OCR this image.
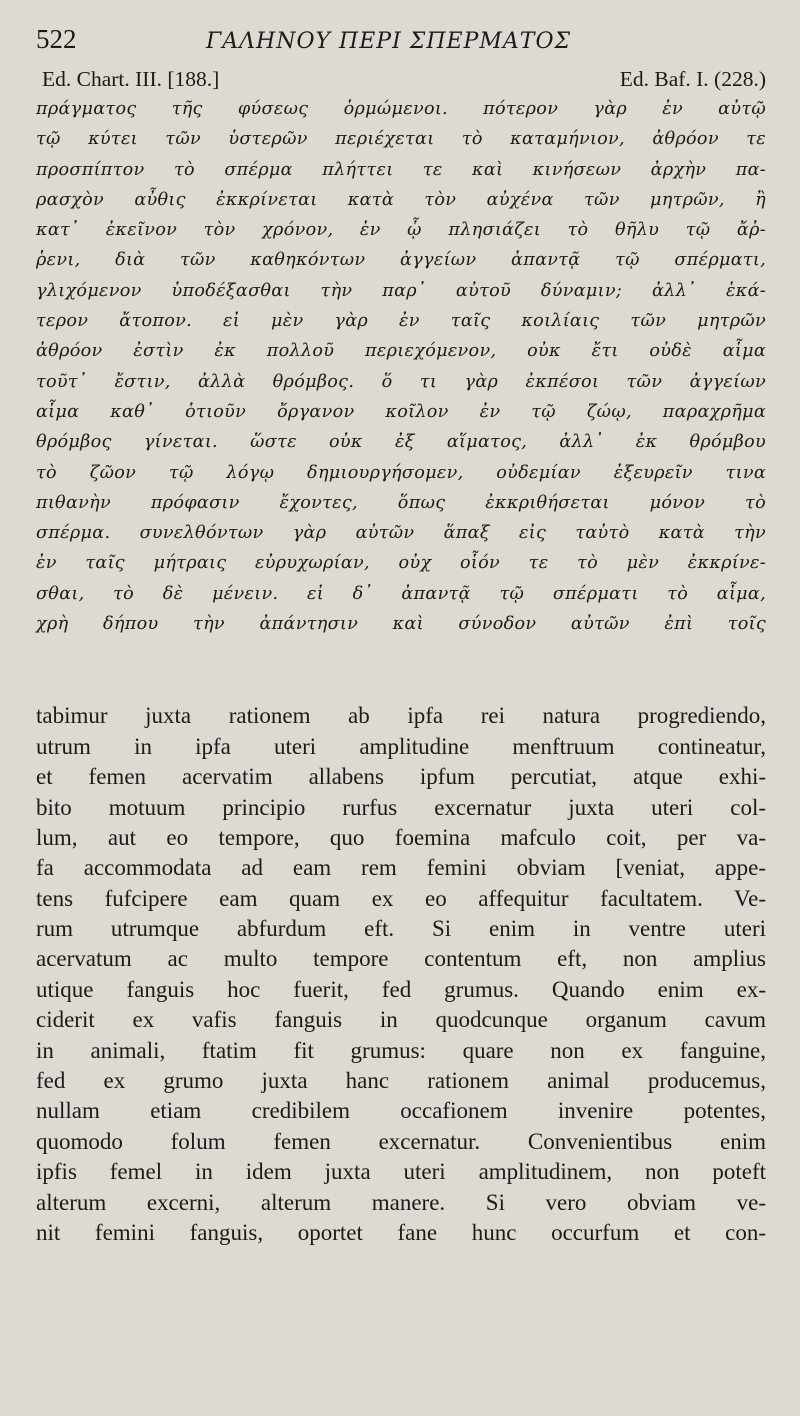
522	ΓΑΛΗΝΟΥ ΠΕΡΙ ΣΠΕΡΜΑΤΟΣ
Ed. Chart. III. [188.]	Ed. Baf. I. (228.)
πράγματος τῆς φύσεως ὁρμώμενοι. πότερον γὰρ ἐν αὐτῷ
τῷ κύτει τῶν ὑστερῶν περιέχεται τὸ καταμήνιον, ἀθρόον τε
προσπίπτον τὸ σπέρμα πλήττει τε καὶ κινήσεων ἀρχὴν πα-
ρασχὸν αὖθις ἐκκρίνεται κατὰ τὸν αὐχένα τῶν μητρῶν, ἢ
κατ᾽ ἐκεῖνον τὸν χρόνον, ἐν ᾧ πλησιάζει τὸ θῆλυ τῷ ἄῤ-
ῥενι, διὰ τῶν καθηκόντων ἀγγείων ἀπαντᾷ τῷ σπέρματι,
γλιχόμενον ὑποδέξασθαι τὴν παρ᾽ αὐτοῦ δύναμιν; ἀλλ᾽ ἑκά-
τερον ἄτοπον. εἰ μὲν γὰρ ἐν ταῖς κοιλίαις τῶν μητρῶν
ἀθρόον ἐστὶν ἐκ πολλοῦ περιεχόμενον, οὐκ ἔτι οὐδὲ αἷμα
τοῦτ᾽ ἔστιν, ἀλλὰ θρόμβος. ὅ τι γὰρ ἐκπέσοι τῶν ἀγγείων
αἷμα καθ᾽ ὁτιοῦν ὄργανον κοῖλον ἐν τῷ ζώῳ, παραχρῆμα
θρόμβος γίνεται. ὥστε οὐκ ἐξ αἵματος, ἀλλ᾽ ἐκ θρόμβου
τὸ ζῶον τῷ λόγῳ δημιουργήσομεν, οὐδεμίαν ἐξευρεῖν τινα
πιθανὴν πρόφασιν ἔχοντες, ὅπως ἐκκριθήσεται μόνον τὸ
σπέρμα. συνελθόντων γὰρ αὐτῶν ἅπαξ εἰς ταὐτὸ κατὰ τὴν
ἐν ταῖς μήτραις εὐρυχωρίαν, οὐχ οἷόν τε τὸ μὲν ἐκκρίνε-
σθαι, τὸ δὲ μένειν. εἰ δ᾽ ἀπαντᾷ τῷ σπέρματι τὸ αἷμα,
χρὴ δήπου τὴν ἀπάντησιν καὶ σύνοδον αὐτῶν ἐπὶ τοῖς
tabimur juxta rationem ab ipfa rei natura progrediendo,
utrum in ipfa uteri amplitudine menftruum contineatur,
et femen acervatim allabens ipfum percutiat, atque exhi-
bito motuum principio rurfus excernatur juxta uteri col-
lum, aut eo tempore, quo foemina mafculo coit, per va-
fa accommodata ad eam rem femini obviam [veniat, appe-
tens fufcipere eam quam ex eo affequitur facultatem. Ve-
rum utrumque abfurdum eft. Si enim in ventre uteri
acervatum ac multo tempore contentum eft, non amplius
utique fanguis hoc fuerit, fed grumus. Quando enim ex-
ciderit ex vafis fanguis in quodcunque organum cavum
in animali, ftatim fit grumus: quare non ex fanguine,
fed ex grumo juxta hanc rationem animal producemus,
nullam etiam credibilem occafionem invenire potentes,
quomodo folum femen excernatur. Convenientibus enim
ipfis femel in idem juxta uteri amplitudinem, non poteft
alterum excerni, alterum manere. Si vero obviam ve-
nit femini fanguis, oportet fane hunc occurfum et con-
